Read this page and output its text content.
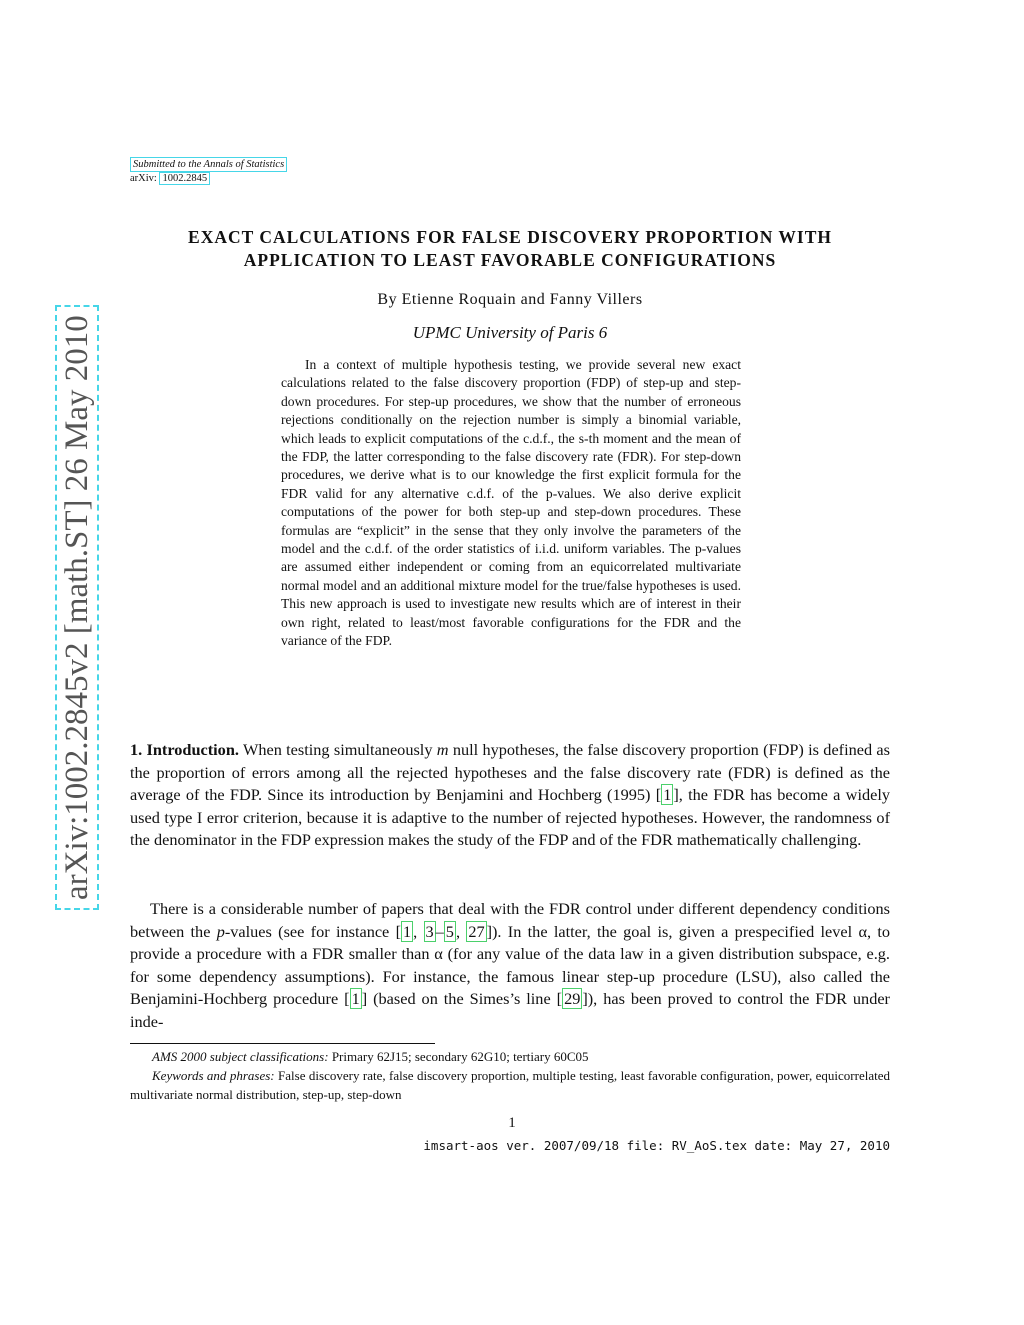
arXiv:1002.2845v2 [math.ST] 26 May 2010
Submitted to the Annals of Statistics

arXiv: 1002.2845
EXACT CALCULATIONS FOR FALSE DISCOVERY PROPORTION WITH
APPLICATION TO LEAST FAVORABLE CONFIGURATIONS
By Etienne Roquain and Fanny Villers
UPMC University of Paris 6
In a context of multiple hypothesis testing, we provide several new exact calculations related to the false discovery proportion (FDP) of step-up and step-down procedures. For step-up procedures, we show that the number of erroneous rejections conditionally on the rejection number is simply a binomial variable, which leads to explicit computations of the c.d.f., the s-th moment and the mean of the FDP, the latter corresponding to the false discovery rate (FDR). For step-down procedures, we derive what is to our knowledge the first explicit formula for the FDR valid for any alternative c.d.f. of the p-values. We also derive explicit computations of the power for both step-up and step-down procedures. These formulas are “explicit” in the sense that they only involve the parameters of the model and the c.d.f. of the order statistics of i.i.d. uniform variables. The p-values are assumed either independent or coming from an equicorrelated multivariate normal model and an additional mixture model for the true/false hypotheses is used. This new approach is used to investigate new results which are of interest in their own right, related to least/most favorable configurations for the FDR and the variance of the FDP.
1. Introduction. When testing simultaneously m null hypotheses, the false discovery proportion (FDP) is defined as the proportion of errors among all the rejected hypotheses and the false discovery rate (FDR) is defined as the average of the FDP. Since its introduction by Benjamini and Hochberg (1995) [ 1 ], the FDR has become a widely used type I error criterion, because it is adaptive to the number of rejected hypotheses. However, the randomness of the denominator in the FDP expression makes the study of the FDP and of the FDR mathematically challenging.
There is a considerable number of papers that deal with the FDR control under different dependency conditions between the p-values (see for instance [ 1 , 3 – 5 , 27 ]). In the latter, the goal is, given a prespecified level α, to provide a procedure with a FDR smaller than α (for any value of the data law in a given distribution subspace, e.g. for some dependency assumptions). For instance, the famous linear step-up procedure (LSU), also called the Benjamini-Hochberg procedure [ 1 ] (based on the Simes’s line [ 29 ]), has been proved to control the FDR under inde-
AMS 2000 subject classifications: Primary 62J15; secondary 62G10; tertiary 60C05
Keywords and phrases: False discovery rate, false discovery proportion, multiple testing, least favorable configuration, power, equicorrelated multivariate normal distribution, step-up, step-down
1
imsart-aos ver. 2007/09/18 file: RV_AoS.tex date: May 27, 2010
